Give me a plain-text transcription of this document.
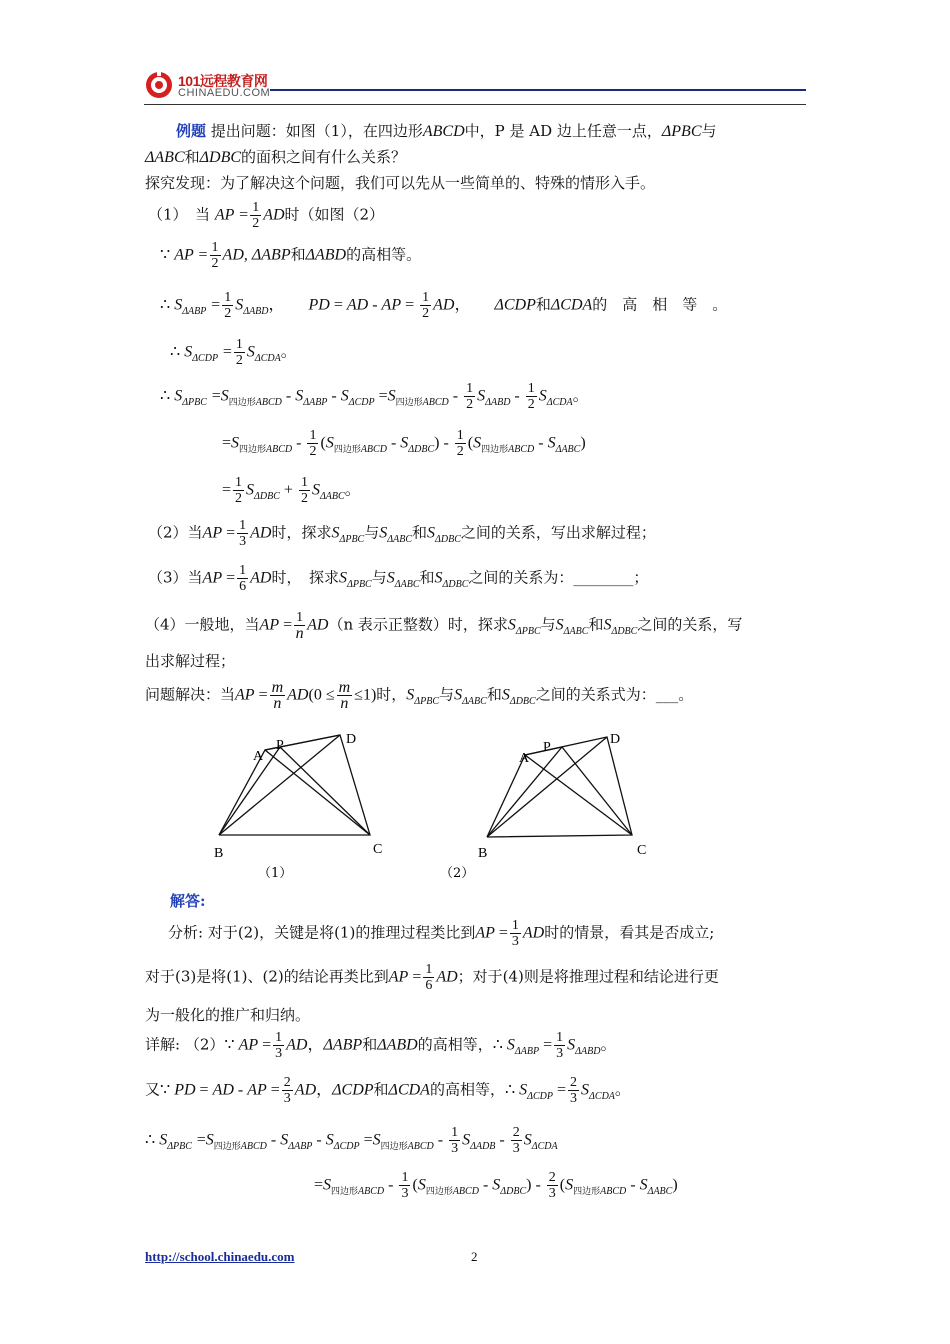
101远程教育网
CHINAEDU.COM
例题 提出问题：如图（1），在四边形ABCD中，P 是 AD 边上任意一点，ΔPBC与
ΔABC和ΔDBC的面积之间有什么关系？
探究发现：为了解决这个问题，我们可以先从一些简单的、特殊的情形入手。
（1）　当 AP = $\frac{1}{2}$ AD时（如图（2）
∵ AP = $\frac{1}{2}$ AD, ΔABP和ΔABD的高相等。
∴ $S_{\Delta ABP} = \frac{1}{2} S_{\Delta ABD}$，　　PD = AD - AP = $\frac{1}{2}$ AD，　　ΔCDP和ΔCDA的　高　相　等　。
∴ $S_{\Delta CDP} = \frac{1}{2} S_{\Delta CDA}$。
∴ $S_{\Delta PBC} =S_{四边形ABCD} - S_{\Delta ABP} - S_{\Delta CDP} =S_{四边形ABCD} - \frac{1}{2} S_{\Delta ABD} - \frac{1}{2} S_{\Delta CDA}$。
$=S_{四边形ABCD} - \frac{1}{2} (S_{四边形ABCD} - S_{\Delta DBC}) - \frac{1}{2} (S_{四边形ABCD} - S_{\Delta ABC})$
= $\frac{1}{2} S_{\Delta DBC} + \frac{1}{2} S_{\Delta ABC}$。
（2）当AP = $\frac{1}{3}$ AD时，探求$S_{\Delta PBC}$与$S_{\Delta ABC}$和$S_{\Delta DBC}$之间的关系，写出求解过程；
（3）当AP = $\frac{1}{6}$ AD时，　探求$S_{\Delta PBC}$与$S_{\Delta ABC}$和$S_{\Delta DBC}$之间的关系为：________；
（4）一般地，当AP = $\frac{1}{n} AD(n$ 表示正整数）时，探求$S_{\Delta PBC}$与$S_{\Delta ABC}$和$S_{\Delta DBC}$之间的关系，写
出求解过程；
问题解决：当AP = $\frac{m}{n} AD(0 \le \frac{m}{n} \le 1)$时，$S_{\Delta PBC}$与$S_{\Delta ABC}$和$S_{\Delta DBC}$之间的关系式为：___。
A
P	D
B	C
（1）
A
P
D
B	C
（2）
解答:
分析: 对于(2)，关键是将(1)的推理过程类比到AP = $\frac{1}{3}$ AD时的情景，看其是否成立;
对于(3)是将(1)、(2)的结论再类比到AP = $\frac{1}{6}$ AD；对于(4)则是将推理过程和结论进行更
为一般化的推广和归纳。
详解: （2）∵ AP = $\frac{1}{3}$ AD，ΔABP和ΔABD的高相等，∴ $S_{\Delta ABP} = \frac{1}{3} S_{\Delta ABD}$。
又∵ PD = AD - AP = $\frac{2}{3}$ AD，ΔCDP和ΔCDA的高相等，∴ $S_{\Delta CDP} = \frac{2}{3} S_{\Delta CDA}$。
∴ $S_{\Delta PBC} =S_{四边形ABCD} - S_{\Delta ABP} - S_{\Delta CDP} =S_{四边形ABCD} - \frac{1}{3} S_{\Delta ADB} - \frac{2}{3} S_{\Delta CDA}$
$=S_{四边形ABCD} - \frac{1}{3} (S_{四边形ABCD} - S_{\Delta DBC}) - \frac{2}{3} (S_{四边形ABCD} - S_{\Delta ABC})$
http://school.chinaedu.com	2
